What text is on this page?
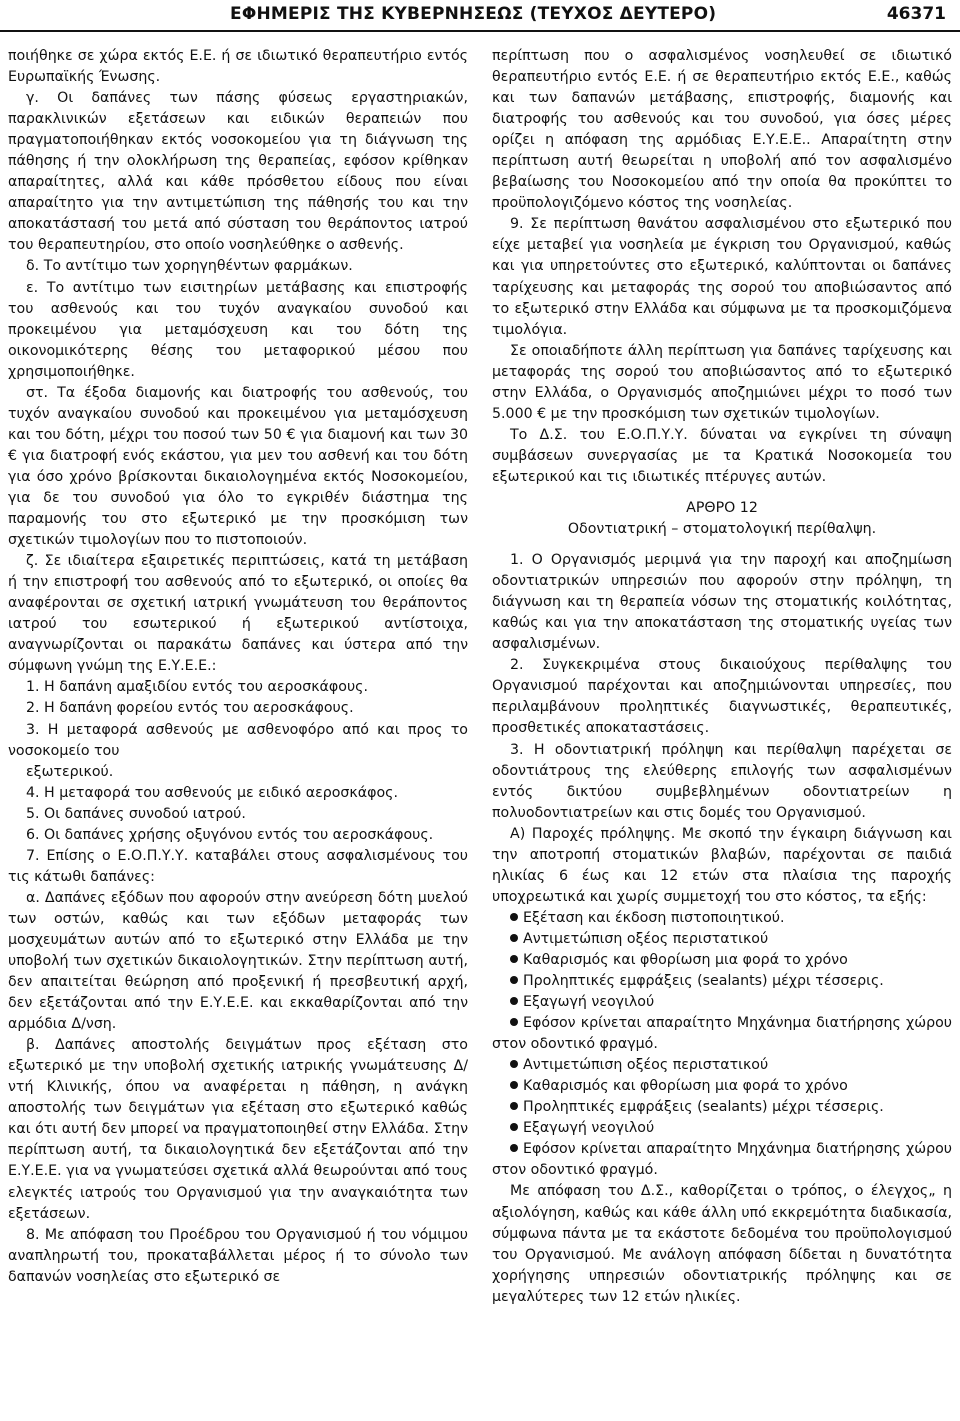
ΕΦΗΜΕΡΙΣ ΤΗΣ ΚΥΒΕΡΝΗΣΕΩΣ (ΤΕΥΧΟΣ ΔΕΥΤΕΡΟ)	46371

ποιήθηκε σε χώρα εκτός Ε.Ε. ή σε ιδιωτικό θεραπευτήριο εντός Ευρωπαϊκής Ένωσης.

γ. Οι δαπάνες των πάσης φύσεως εργαστηριακών, παρακλινικών εξετάσεων και ειδικών θεραπειών που πραγματοποιήθηκαν εκτός νοσοκομείου για τη διάγνωση της πάθησης ή την ολοκλήρωση της θεραπείας, εφόσον κρίθηκαν απαραίτητες, αλλά και κάθε πρόσθετου είδους που είναι απαραίτητο για την αντιμετώπιση της πάθησής του και την αποκατάστασή του μετά από σύσταση του θεράποντος ιατρού του θεραπευτηρίου, στο οποίο νοσηλεύθηκε ο ασθενής.

δ. Το αντίτιμο των χορηγηθέντων φαρμάκων.

ε. Το αντίτιμο των εισιτηρίων μετάβασης και επιστροφής του ασθενούς και του τυχόν αναγκαίου συνοδού και προκειμένου για μεταμόσχευση και του δότη της οικονομικότερης θέσης του μεταφορικού μέσου που χρησιμοποιήθηκε.

στ. Τα έξοδα διαμονής και διατροφής του ασθενούς, του τυχόν αναγκαίου συνοδού και προκειμένου για μεταμόσχευση και του δότη, μέχρι του ποσού των 50 € για διαμονή και των 30 € για διατροφή ενός εκάστου, για μεν του ασθενή και του δότη για όσο χρόνο βρίσκονται δικαιολογημένα εκτός Νοσοκομείου, για δε του συνοδού για όλο το εγκριθέν διάστημα της παραμονής του στο εξωτερικό με την προσκόμιση των σχετικών τιμολογίων που το πιστοποιούν.

ζ. Σε ιδιαίτερα εξαιρετικές περιπτώσεις, κατά τη μετάβαση ή την επιστροφή του ασθενούς από το εξωτερικό, οι οποίες θα αναφέρονται σε σχετική ιατρική γνωμάτευση του θεράποντος ιατρού του εσωτερικού ή εξωτερικού αντίστοιχα, αναγνωρίζονται οι παρακάτω δαπάνες και ύστερα από την σύμφωνη γνώμη της Ε.Υ.Ε.Ε.:

1. Η δαπάνη αμαξιδίου εντός του αεροσκάφους.

2. Η δαπάνη φορείου εντός του αεροσκάφους.

3. Η μεταφορά ασθενούς με ασθενοφόρο από και προς το νοσοκομείο του

εξωτερικού.

4. Η μεταφορά του ασθενούς με ειδικό αεροσκάφος.

5. Οι δαπάνες συνοδού ιατρού.

6. Οι δαπάνες χρήσης οξυγόνου εντός του αεροσκάφους.

7. Επίσης ο Ε.Ο.Π.Υ.Υ. καταβάλει στους ασφαλισμένους του τις κάτωθι δαπάνες:

α. Δαπάνες εξόδων που αφορούν στην ανεύρεση δότη μυελού των οστών, καθώς και των εξόδων μεταφοράς των μοσχευμάτων αυτών από το εξωτερικό στην Ελλάδα με την υποβολή των σχετικών δικαιολογητικών. Στην περίπτωση αυτή, δεν απαιτείται θεώρηση από προξενική ή πρεσβευτική αρχή, δεν εξετάζονται από την Ε.Υ.Ε.Ε. και εκκαθαρίζονται από την αρμόδια Δ/νση.

β. Δαπάνες αποστολής δειγμάτων προς εξέταση στο εξωτερικό με την υποβολή σχετικής ιατρικής γνωμάτευσης Δ/ντή Κλινικής, όπου να αναφέρεται η πάθηση, η ανάγκη αποστολής των δειγμάτων για εξέταση στο εξωτερικό καθώς και ότι αυτή δεν μπορεί να πραγματοποιηθεί στην Ελλάδα. Στην περίπτωση αυτή, τα δικαιολογητικά δεν εξετάζονται από την Ε.Υ.Ε.Ε. για να γνωματεύσει σχετικά αλλά θεωρούνται από τους ελεγκτές ιατρούς του Οργανισμού για την αναγκαιότητα των εξετάσεων.

8. Με απόφαση του Προέδρου του Οργανισμού ή του νόμιμου αναπληρωτή του, προκαταβάλλεται μέρος ή το σύνολο των δαπανών νοσηλείας στο εξωτερικό σε

περίπτωση που ο ασφαλισμένος νοσηλευθεί σε ιδιωτικό θεραπευτήριο εντός Ε.Ε. ή σε θεραπευτήριο εκτός Ε.Ε., καθώς και των δαπανών μετάβασης, επιστροφής, διαμονής και διατροφής του ασθενούς και του συνοδού, για όσες μέρες ορίζει η απόφαση της αρμόδιας Ε.Υ.Ε.Ε.. Απαραίτητη στην περίπτωση αυτή θεωρείται η υποβολή από τον ασφαλισμένο βεβαίωσης του Νοσοκομείου από την οποία θα προκύπτει το προϋπολογιζόμενο κόστος της νοσηλείας.

9. Σε περίπτωση θανάτου ασφαλισμένου στο εξωτερικό που είχε μεταβεί για νοσηλεία με έγκριση του Οργανισμού, καθώς και για υπηρετούντες στο εξωτερικό, καλύπτονται οι δαπάνες ταρίχευσης και μεταφοράς της σορού του αποβιώσαντος από το εξωτερικό στην Ελλάδα και σύμφωνα με τα προσκομιζόμενα τιμολόγια.

Σε οποιαδήποτε άλλη περίπτωση για δαπάνες ταρίχευσης και μεταφοράς της σορού του αποβιώσαντος από το εξωτερικό στην Ελλάδα, ο Οργανισμός αποζημιώνει μέχρι το ποσό των 5.000 € με την προσκόμιση των σχετικών τιμολογίων.

Το Δ.Σ. του Ε.Ο.Π.Υ.Υ. δύναται να εγκρίνει τη σύναψη συμβάσεων συνεργασίας με τα Κρατικά Νοσοκομεία του εξωτερικού και τις ιδιωτικές πτέρυγες αυτών.

ΑΡΘΡΟ 12

Οδοντιατρική – στοματολογική περίθαλψη.

1. Ο Οργανισμός μεριμνά για την παροχή και αποζημίωση οδοντιατρικών υπηρεσιών που αφορούν στην πρόληψη, τη διάγνωση και τη θεραπεία νόσων της στοματικής κοιλότητας, καθώς και για την αποκατάσταση της στοματικής υγείας των ασφαλισμένων.

2. Συγκεκριμένα στους δικαιούχους περίθαλψης του Οργανισμού παρέχονται και αποζημιώνονται υπηρεσίες, που περιλαμβάνουν προληπτικές διαγνωστικές, θεραπευτικές, προσθετικές αποκαταστάσεις.

3. Η οδοντιατρική πρόληψη και περίθαλψη παρέχεται σε οδοντιάτρους της ελεύθερης επιλογής των ασφαλισμένων εντός δικτύου συμβεβλημένων οδοντιατρείων η πολυοδοντιατρείων και στις δομές του Οργανισμού.

Α) Παροχές πρόληψης. Με σκοπό την έγκαιρη διάγνωση και την αποτροπή στοματικών βλαβών, παρέχονται σε παιδιά ηλικίας 6 έως και 12 ετών στα πλαίσια της παροχής υποχρεωτικά και χωρίς συμμετοχή του στο κόστος, τα εξής:

Εξέταση και έκδοση πιστοποιητικού.

Αντιμετώπιση οξέος περιστατικού

Καθαρισμός και φθορίωση μια φορά το χρόνο

Προληπτικές εμφράξεις (sealants) μέχρι τέσσερις.

Εξαγωγή νεογιλού

Εφόσον κρίνεται απαραίτητο Μηχάνημα διατήρησης χώρου στον οδοντικό φραγμό.

Αντιμετώπιση οξέος περιστατικού

Καθαρισμός και φθορίωση μια φορά το χρόνο

Προληπτικές εμφράξεις (sealants) μέχρι τέσσερις.

Εξαγωγή νεογιλού

Εφόσον κρίνεται απαραίτητο Μηχάνημα διατήρησης χώρου στον οδοντικό φραγμό.

Με απόφαση του Δ.Σ., καθορίζεται ο τρόπος, ο έλεγχος„ η αξιολόγηση, καθώς και κάθε άλλη υπό εκκρεμότητα διαδικασία, σύμφωνα πάντα με τα εκάστοτε δεδομένα του προϋπολογισμού του Οργανισμού. Με ανάλογη απόφαση δίδεται η δυνατότητα χορήγησης υπηρεσιών οδοντιατρικής πρόληψης και σε μεγαλύτερες των 12 ετών ηλικίες.
